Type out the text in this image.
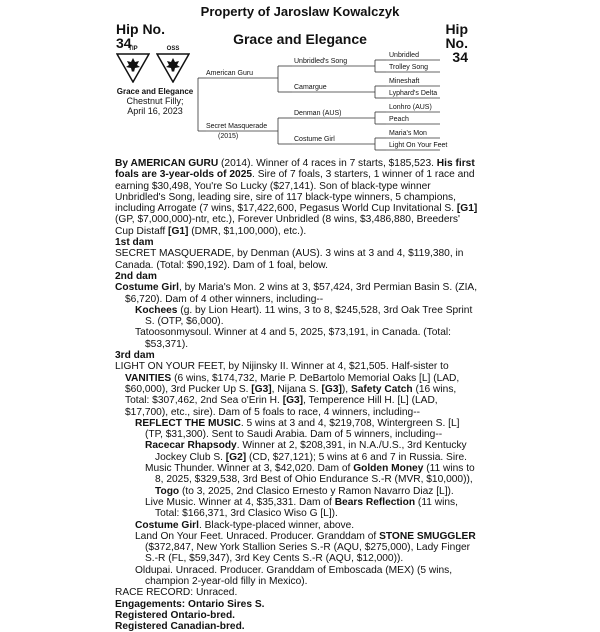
Property of Jaroslaw Kowalczyk
Hip No.
34
Hip No.
34
Grace and Elegance
TIP	OSS
Grace and Elegance
Chestnut Filly;
April 16, 2023
American Guru
Secret Masquerade
(2015)
Unbridled's Song
Camargue
Denman (AUS)
Costume Girl
Unbridled
Trolley Song
Mineshaft
Lyphard's Delta
Lonhro (AUS)
Peach
Maria's Mon
Light On Your Feet

By AMERICAN GURU (2014). Winner of 4 races in 7 starts, $185,523. His first foals are 3-year-olds of 2025. Sire of 7 foals, 3 starters, 1 winner of 1 race and earning $30,498, You're So Lucky ($27,141). Son of black-type winner Unbridled's Song, leading sire, sire of 117 black-type winners, 5 champions, including Arrogate (7 wins, $17,422,600, Pegasus World Cup Invitational S. [G1] (GP, $7,000,000)-ntr, etc.), Forever Unbridled (8 wins, $3,486,880, Breeders' Cup Distaff [G1] (DMR, $1,100,000), etc.).

1st dam

SECRET MASQUERADE, by Denman (AUS). 3 wins at 3 and 4, $119,380, in Canada. (Total: $90,192). Dam of 1 foal, below.

2nd dam

Costume Girl, by Maria's Mon. 2 wins at 3, $57,424, 3rd Permian Basin S. (ZIA, $6,720). Dam of 4 other winners, including--

Kochees (g. by Lion Heart). 11 wins, 3 to 8, $245,528, 3rd Oak Tree Sprint S. (OTP, $6,000).

Tatoosonmysoul. Winner at 4 and 5, 2025, $73,191, in Canada. (Total: $53,371).

3rd dam

LIGHT ON YOUR FEET, by Nijinsky II. Winner at 4, $21,505. Half-sister to VANITIES (6 wins, $174,732, Marie P. DeBartolo Memorial Oaks [L] (LAD, $60,000), 3rd Pucker Up S. [G3], Nijana S. [G3]), Safety Catch (16 wins, Total: $307,462, 2nd Sea o'Erin H. [G3], Temperence Hill H. [L] (LAD, $17,700), etc., sire). Dam of 5 foals to race, 4 winners, including--

REFLECT THE MUSIC. 5 wins at 3 and 4, $219,708, Wintergreen S. [L] (TP, $31,300). Sent to Saudi Arabia. Dam of 5 winners, including--

Racecar Rhapsody. Winner at 2, $208,391, in N.A./U.S., 3rd Kentucky Jockey Club S. [G2] (CD, $27,121); 5 wins at 6 and 7 in Russia. Sire.

Music Thunder. Winner at 3, $42,020. Dam of Golden Money (11 wins to 8, 2025, $329,538, 3rd Best of Ohio Endurance S.-R (MVR, $10,000)), Togo (to 3, 2025, 2nd Clasico Ernesto y Ramon Navarro Diaz [L]).

Live Music. Winner at 4, $35,331. Dam of Bears Reflection (11 wins, Total: $166,371, 3rd Clasico Wiso G [L]).

Costume Girl. Black-type-placed winner, above.

Land On Your Feet. Unraced. Producer. Granddam of STONE SMUGGLER ($372,847, New York Stallion Series S.-R (AQU, $275,000), Lady Finger S.-R (FL, $59,347), 3rd Key Cents S.-R (AQU, $12,000)).

Oldupai. Unraced. Producer. Granddam of Emboscada (MEX) (5 wins, champion 2-year-old filly in Mexico).

RACE RECORD: Unraced.

Engagements: Ontario Sires S.

Registered Ontario-bred.

Registered Canadian-bred.
